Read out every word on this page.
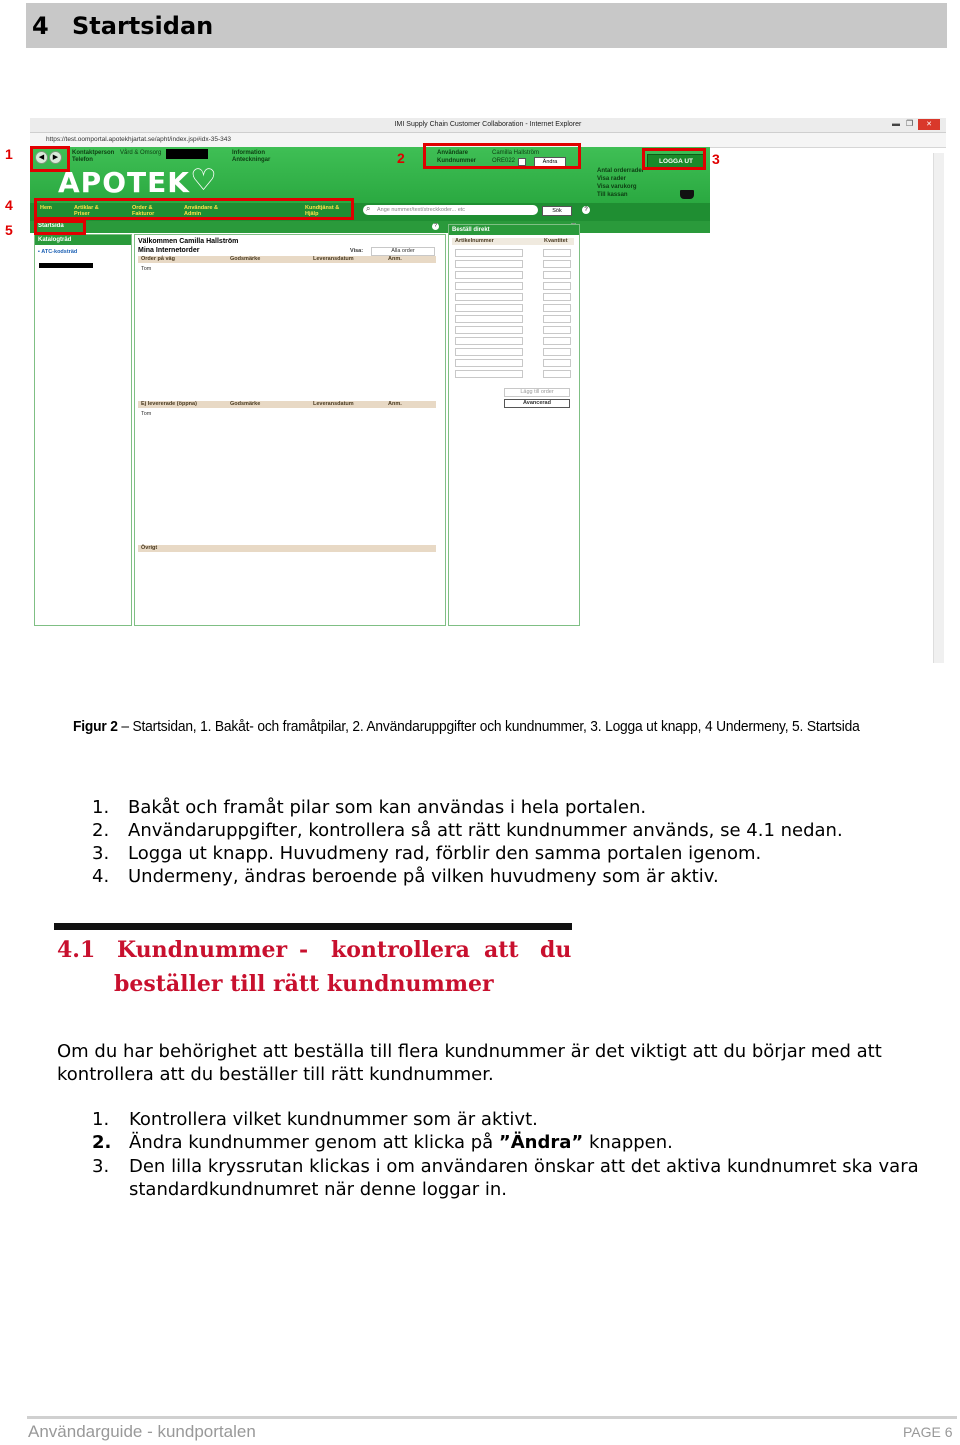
4 Startsidan
IMI Supply Chain Customer Collaboration - Internet Explorer	▬ ❐	✕
https://test.oomportal.apotekhjartat.se/apht/index.jsp#idx-35-343
◀	▶
Kontaktperson Vård & Omsorg
Telefon
Information
Anteckningar
Användare	Camilla Hallström
Kundnummer	ORE022	Ändra	LOGGA UT
Antal orderrader
Visa rader
Visa varukorg
Till kassan
APOTEK ♡
Hem	Artiklar & Priser
Order & Fakturor
Användare & Admin
Kundtjänst & Hjälp
Ange nummer/text/streckkoder... etc
⌕	Sök	?
Startsida	?
Katalogträd
▪ ATC-kodsträd
Välkommen Camilla Hallström
Mina Internetorder	Visa:	Alla order
Order på väg	Godsmärke	Leveransdatum	Anm.
Tom
Ej levererade (öppna)	Godsmärke	Leveransdatum	Anm.
Tom
Övrigt
Beställ direkt
Artikelnummer	Kvantitet
Lägg till order
Avancerad
1	2	3
4
5
Figur 2 – Startsidan, 1. Bakåt- och framåtpilar, 2. Användaruppgifter och kundnummer, 3. Logga ut knapp, 4 Undermeny, 5. Startsida
1. Bakåt och framåt pilar som kan användas i hela portalen.
2. Användaruppgifter, kontrollera så att rätt kundnummer används, se 4.1 nedan.
3. Logga ut knapp. Huvudmeny rad, förblir den samma portalen igenom.
4. Undermeny, ändras beroende på vilken huvudmeny som är aktiv.
4.1 Kundnummer - kontrollera att du
beställer till rätt kundnummer
Om du har behörighet att beställa till flera kundnummer är det viktigt att du börjar med att kontrollera att du beställer till rätt kundnummer.
1. Kontrollera vilket kundnummer som är aktivt.
2. Ändra kundnummer genom att klicka på ”Ändra” knappen.
3. Den lilla kryssrutan klickas i om användaren önskar att det aktiva kundnumret ska vara
standardkundnumret när denne loggar in.
Användarguide - kundportalen	PAGE 6
